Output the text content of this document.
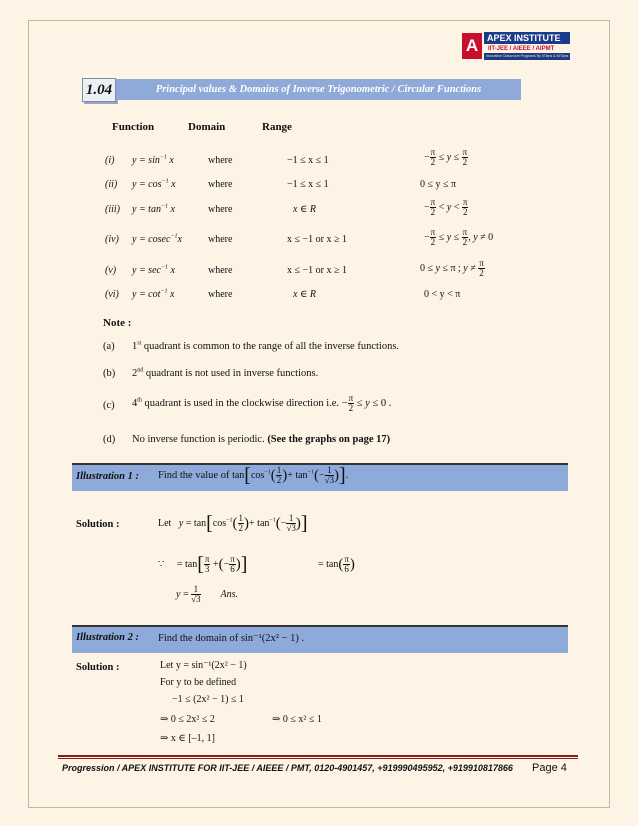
A APEX INSTITUTE
IIT-JEE / AIEEE / AIPMT
Innovative Classroom Programs By IITians & NITians
1.04	Principal values & Domains of Inverse Trigonometric / Circular Functions
Function	Domain	Range
(i) $y = \sin^{-1} x$	where	−1 ≤ x ≤ 1	− $\frac{\pi}{2} \le y \le \frac{\pi}{2}$
(ii) $y = \cos^{-1} x$	where	−1 ≤ x ≤ 1	0 ≤ y ≤ π
(iii) $y = \tan^{-1} x$	where	x ∈ R	− $\frac{\pi}{2} < y < \frac{\pi}{2}$
(iv) y = cosec$^{-1}$x	where	x ≤ −1 or x ≥ 1	− $\frac{\pi}{2} \le y \le \frac{\pi}{2}$ , y ≠ 0
(v) $y = \sec^{-1} x$	where	x ≤ −1 or x ≥ 1	0 ≤ y ≤ π ; $y \ne \frac{\pi}{2}$
(vi) $y = \cot^{-1} x$	where	x ∈ R	0 < y < π
Note :
(a) 1st quadrant is common to the range of all the inverse functions.
(b) 2nd quadrant is not used in inverse functions.
(c) 4th quadrant is used in the clockwise direction i.e. − $\frac{\pi}{2} \le y \le 0$ .
(d) No inverse function is periodic. (See the graphs on page 17)
Illustration 1 : Find the value of $\tan[\cos^{-1}( \frac{1}{2}$ )+ $\tan^{-1}(- \frac{1}{√3}$ )].
Solution :	Let $y = \tan[\cos^{-1}( \frac{1}{2}$ )+ $\tan^{-1}(- \frac{1}{√3}$ )]
∵     = $\tan[ \frac{\pi}{3}$ +(− $\frac{\pi}{6}$ )]	= $\tan( \frac{\pi}{6}$ )
$y = \frac{1}{√3}$ Ans.
Illustration 2 : Find the domain of sin⁻¹(2x² − 1) .
Solution :	Let y = sin⁻¹(2x² − 1)
For y to be defined
−1 ≤ (2x² − 1) ≤ 1
⇒ 0 ≤ 2x² ≤ 2	⇒ 0 ≤ x² ≤ 1
⇒ x ∈ [–1, 1]
Progression / APEX INSTITUTE FOR IIT-JEE / AIEEE / PMT, 0120-4901457, +919990495952, +919910817866 Page 4
